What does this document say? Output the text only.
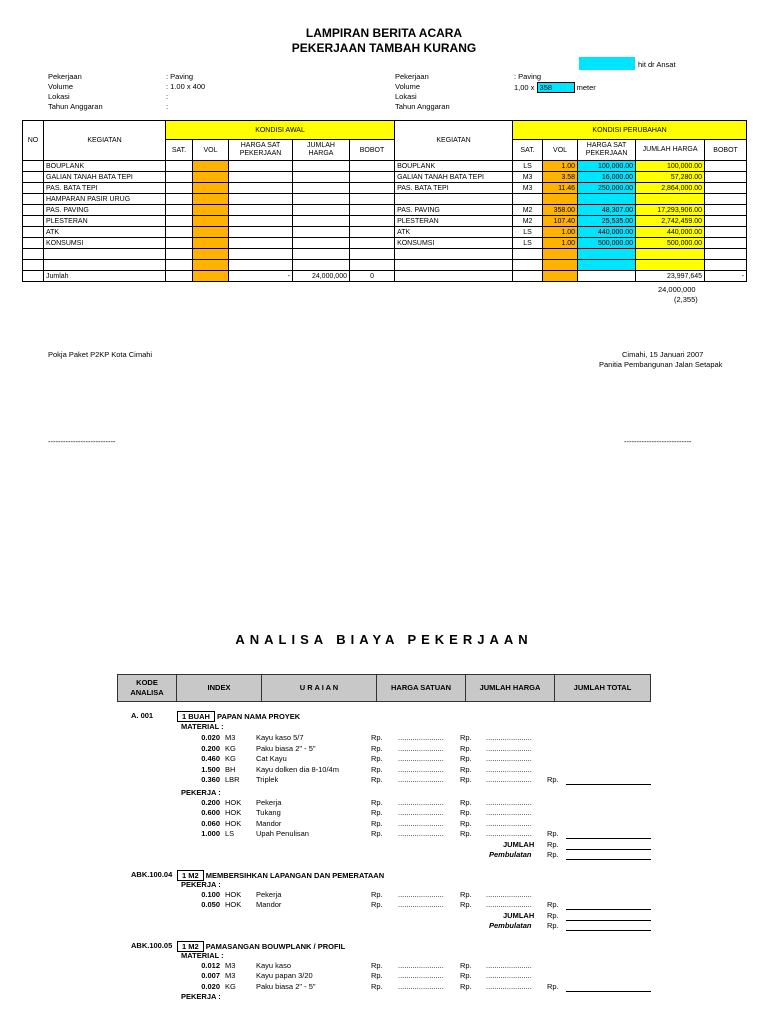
LAMPIRAN BERITA ACARA
PEKERJAAN TAMBAH KURANG
hit dr Ansat
Pekerjaan
Volume
Lokasi
Tahun Anggaran
: Paving
: 1.00 x 400
:
:
Pekerjaan
Volume
Lokasi
Tahun Anggaran
: Paving
1,00 x 358	meter
NO	KEGIATAN	KONDISI AWAL					KEGIATAN	KONDISI PERUBAHAN				
		SAT.	VOL	HARGA SAT PEKERJAAN	JUMLAH HARGA	BOBOT		SAT.	VOL	HARGA SAT PEKERJAAN	JUMLAH HARGA	BOBOT
	BOUPLANK						BOUPLANK	LS	1.00	100,000.00	100,000.00	
	GALIAN TANAH BATA TEPI						GALIAN TANAH BATA TEPI	M3	3.58	16,000.00	57,280.00	
	PAS. BATA TEPI						PAS. BATA TEPI	M3	11.46	250,000.00	2,864,000.00	
	HAMPARAN PASIR URUG											
	PAS. PAVING						PAS. PAVING	M2	358.00	48,307.00	17,293,906.00	
	PLESTERAN						PLESTERAN	M2	107.40	25,535.00	2,742,459.00	
	ATK						ATK	LS	1.00	440,000.00	440,000.00	
	KONSUMSI						KONSUMSI	LS	1.00	500,000.00	500,000.00	

	Jumlah			-	24,000,000	0					23,997,645	-
24,000,000
(2,355)
Pokja Paket P2KP Kota Cimahi	Cimahi, 15 Januari 2007
Panitia Pembangunan Jalan Setapak
---------------------------	---------------------------
ANALISA BIAYA PEKERJAAN
KODE ANALISA	INDEX	U R A I A N	HARGA SATUAN	JUMLAH HARGA	JUMLAH TOTAL
A. 001	1 BUAH PAPAN NAMA PROYEK
MATERIAL :
0.020 M3	Kayu kaso 5/7	Rp. ...................... Rp. ......................
0.200 KG	Paku biasa 2" - 5"	Rp. ...................... Rp. ......................
0.460 KG	Cat Kayu	Rp. ...................... Rp. ......................
1.500 BH	Kayu dolken dia 8-10/4m	Rp. ...................... Rp. ......................
0.360 LBR Triplek	Rp. ...................... Rp. ...................... Rp.
PEKERJA :
0.200 HOK Pekerja	Rp. ...................... Rp. ......................
0.600 HOK Tukang	Rp. ...................... Rp. ......................
0.060 HOK Mandor	Rp. ...................... Rp. ......................
1.000 LS	Upah Penulisan	Rp. ...................... Rp. ...................... Rp.
JUMLAH Rp.
Pembulatan Rp.
ABK.100.04	1 M2 MEMBERSIHKAN LAPANGAN DAN PEMERATAAN
PEKERJA :
0.100 HOK Pekerja	Rp. ...................... Rp. ......................
0.050 HOK Mandor	Rp. ...................... Rp. ...................... Rp.
JUMLAH Rp.
Pembulatan Rp.
ABK.100.05	1 M2 PAMASANGAN BOUWPLANK / PROFIL
MATERIAL :
0.012 M3	Kayu kaso	Rp. ...................... Rp. ......................
0.007 M3	Kayu papan 3/20	Rp. ...................... Rp. ......................
0.020 KG	Paku biasa 2" - 5"	Rp. ...................... Rp. ...................... Rp.
PEKERJA :
